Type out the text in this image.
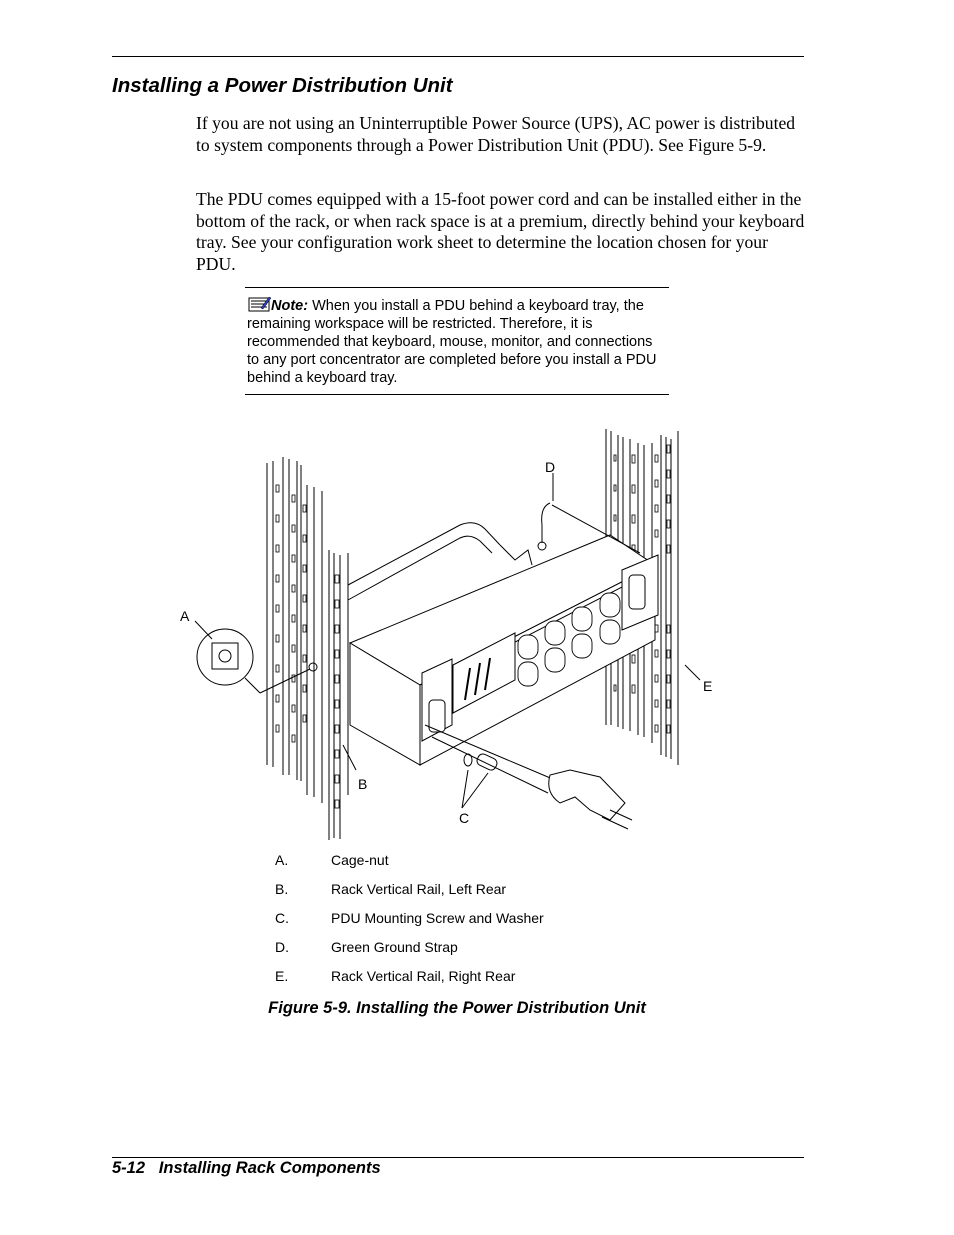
Installing a Power Distribution Unit

If you are not using an Uninterruptible Power Source (UPS), AC power is distributed to system components through a Power Distribution Unit (PDU). See Figure 5-9.

The PDU comes equipped with a 15-foot power cord and can be installed either in the bottom of the rack, or when rack space is at a premium, directly behind your keyboard tray. See your configuration work sheet to determine the location chosen for your PDU.

Note: When you install a PDU behind a keyboard tray, the remaining workspace will be restricted. Therefore, it is recommended that keyboard, mouse, monitor, and connections to any port concentrator are completed before you install a PDU behind a keyboard tray.

A
B
C
D
E
A.	Cage-nut
B.	Rack Vertical Rail, Left Rear
C.	PDU Mounting Screw and Washer
D.	Green Ground Strap
E.	Rack Vertical Rail, Right Rear

Figure 5-9. Installing the Power Distribution Unit

5-12   Installing Rack Components
